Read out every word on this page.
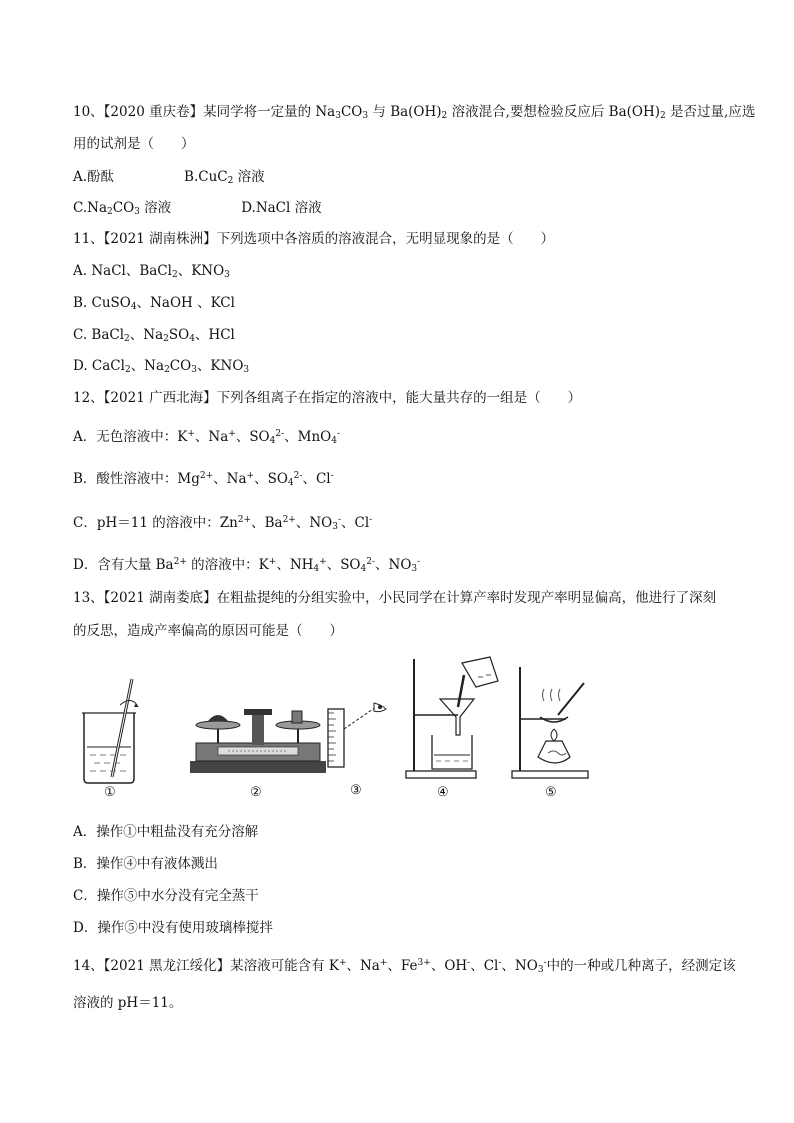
10、【2020 重庆卷】某同学将一定量的 $Na_3CO_3$ 与 $Ba(OH)_2$ 溶液混合,要想检验反应后 $Ba(OH)_2$ 是否过量,应选
用的试剂是（　　）
A.酚酞	B.CuC$_2$ 溶液
$C.Na_2CO_3$ 溶液	D.NaCl 溶液
11、【2021 湖南株洲】下列选项中各溶质的溶液混合，无明显现象的是（　　）
A. NaCl、BaCl$_2$、$KNO_3$
B. CuSO$_4$、NaOH 、KCl
C. BaCl$_2$、$Na_2SO_4$、HCl
D. CaCl$_2$、$Na_2CO_3$、$KNO_3$
12、【2021 广西北海】下列各组离子在指定的溶液中，能大量共存的一组是（　　）
A．无色溶液中：K+、Na+、$SO_4^{2-}$、MnO$_4$-
B．酸性溶液中：$Mg^{2+}$、Na+、$SO_4^{2-}$、Cl-
C．pH＝11 的溶液中：$Zn^{2+}$、$Ba^{2+}$、$NO_3^-$、Cl-
D．含有大量 $Ba^{2+}$ 的溶液中：K+、$NH_4^+$、$SO_4^{2-}$、$NO_3^-$
13、【2021 湖南娄底】在粗盐提纯的分组实验中，小民同学在计算产率时发现产率明显偏高，他进行了深刻
的反思，造成产率偏高的原因可能是（　　）
①	②	③	④	⑤
A．操作①中粗盐没有充分溶解
B．操作④中有液体溅出
C．操作⑤中水分没有完全蒸干
D．操作⑤中没有使用玻璃棒搅拌
14、【2021 黑龙江绥化】某溶液可能含有 K+、Na+、$Fe^{3+}$、OH-、Cl-、$NO_3^-$中的一种或几种离子，经测定该
溶液的 pH＝11。
